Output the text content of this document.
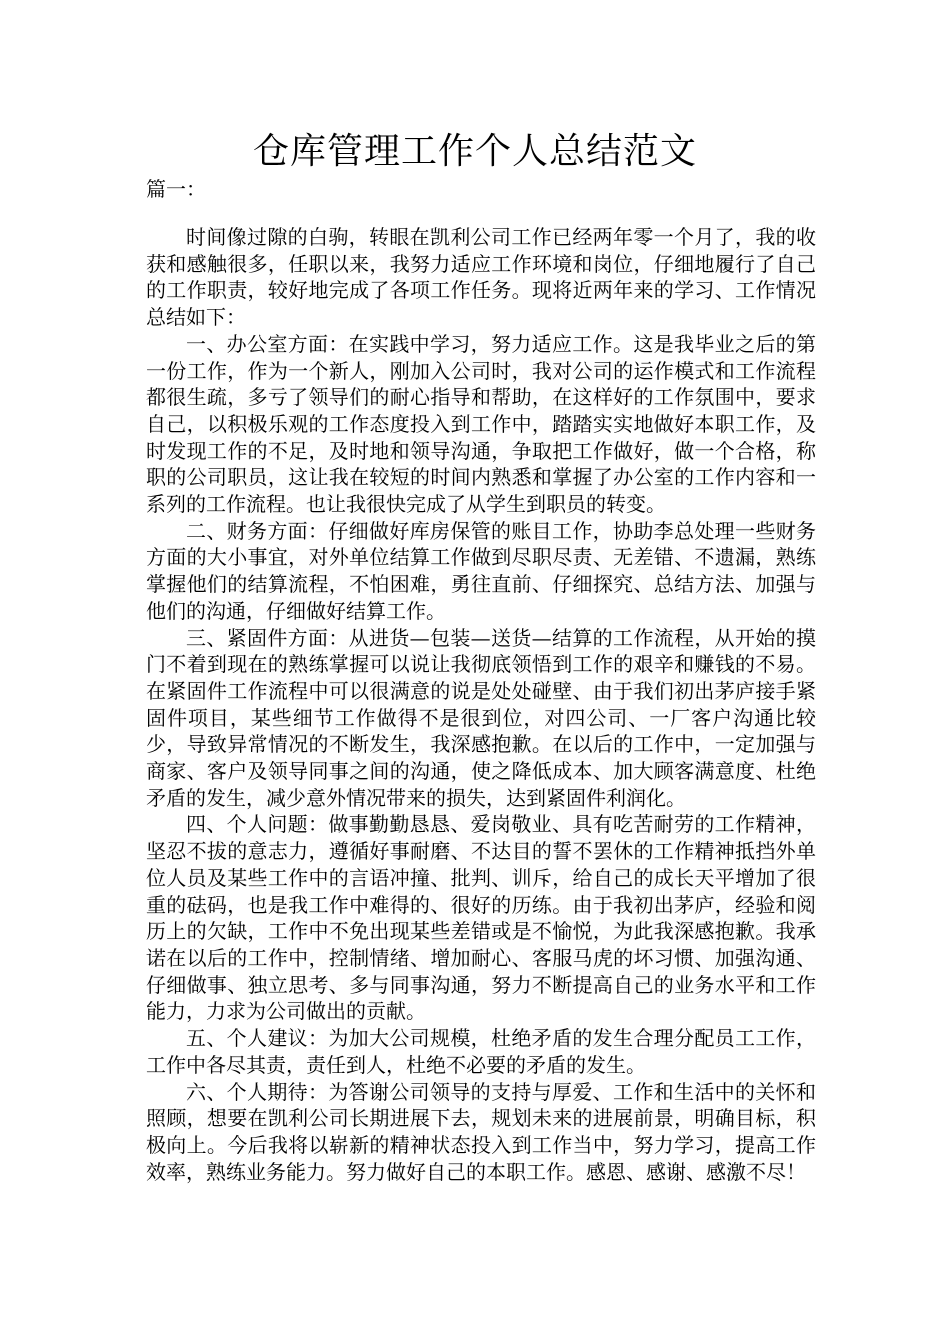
仓库管理工作个人总结范文
篇一：

时间像过隙的白驹，转眼在凯利公司工作已经两年零一个月了，我的收获和感触很多，任职以来，我努力适应工作环境和岗位，仔细地履行了自己的工作职责，较好地完成了各项工作任务。现将近两年来的学习、工作情况总结如下：

一、办公室方面：在实践中学习，努力适应工作。这是我毕业之后的第一份工作，作为一个新人，刚加入公司时，我对公司的运作模式和工作流程都很生疏，多亏了领导们的耐心指导和帮助，在这样好的工作氛围中，要求自己，以积极乐观的工作态度投入到工作中，踏踏实实地做好本职工作，及时发现工作的不足，及时地和领导沟通，争取把工作做好，做一个合格，称职的公司职员，这让我在较短的时间内熟悉和掌握了办公室的工作内容和一系列的工作流程。也让我很快完成了从学生到职员的转变。

二、财务方面：仔细做好库房保管的账目工作，协助李总处理一些财务方面的大小事宜，对外单位结算工作做到尽职尽责、无差错、不遗漏，熟练掌握他们的结算流程，不怕困难，勇往直前、仔细探究、总结方法、加强与他们的沟通，仔细做好结算工作。

三、紧固件方面：从进货—包装—送货—结算的工作流程，从开始的摸门不着到现在的熟练掌握可以说让我彻底领悟到工作的艰辛和赚钱的不易。在紧固件工作流程中可以很满意的说是处处碰壁、由于我们初出茅庐接手紧固件项目，某些细节工作做得不是很到位，对四公司、一厂客户沟通比较少，导致异常情况的不断发生，我深感抱歉。在以后的工作中，一定加强与商家、客户及领导同事之间的沟通，使之降低成本、加大顾客满意度、杜绝矛盾的发生，减少意外情况带来的损失，达到紧固件利润化。

四、个人问题：做事勤勤恳恳、爱岗敬业、具有吃苦耐劳的工作精神，坚忍不拔的意志力，遵循好事耐磨、不达目的誓不罢休的工作精神抵挡外单位人员及某些工作中的言语冲撞、批判、训斥，给自己的成长天平增加了很重的砝码，也是我工作中难得的、很好的历练。由于我初出茅庐，经验和阅历上的欠缺，工作中不免出现某些差错或是不愉悦，为此我深感抱歉。我承诺在以后的工作中，控制情绪、增加耐心、客服马虎的坏习惯、加强沟通、仔细做事、独立思考、多与同事沟通，努力不断提高自己的业务水平和工作能力，力求为公司做出的贡献。

五、个人建议：为加大公司规模，杜绝矛盾的发生合理分配员工工作，工作中各尽其责，责任到人，杜绝不必要的矛盾的发生。

六、个人期待：为答谢公司领导的支持与厚爱、工作和生活中的关怀和照顾，想要在凯利公司长期进展下去，规划未来的进展前景，明确目标，积极向上。今后我将以崭新的精神状态投入到工作当中，努力学习，提高工作效率，熟练业务能力。努力做好自己的本职工作。感恩、感谢、感激不尽！
